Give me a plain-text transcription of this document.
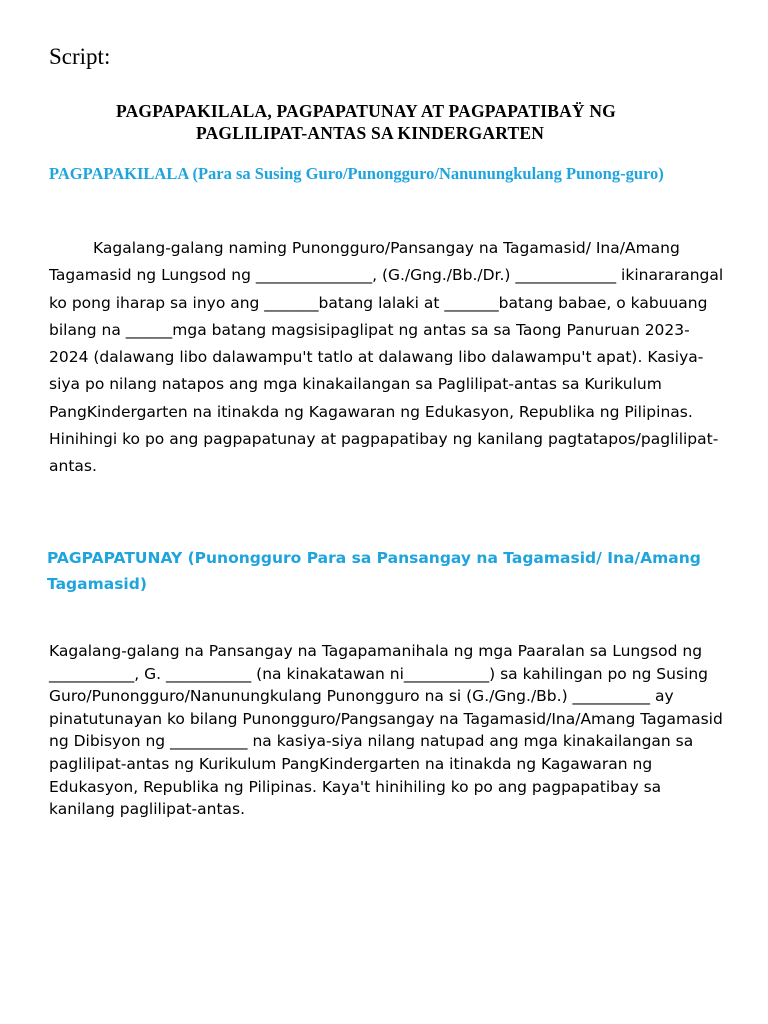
Script:

PAGPAPAKILALA, PAGPAPATUNAY AT PAGPAPATIBAŸ NG
PAGLILIPAT-ANTAS SA KINDERGARTEN
PAGPAPAKILALA (Para sa Susing Guro/Punongguro/Nanunungkulang Punong-guro)

Kagalang-galang naming Punongguro/Pansangay na Tagamasid/ Ina/Amang Tagamasid ng Lungsod ng _______________, (G./Gng./Bb./Dr.) _____________ ikinararangal ko pong iharap sa inyo ang _______batang lalaki at _______batang babae, o kabuuang bilang na ______mga batang magsisipaglipat ng antas sa sa Taong Panuruan 2023-2024 (dalawang libo dalawampu't tatlo at dalawang libo dalawampu't apat). Kasiya-siya po nilang natapos ang mga kinakailangan sa Paglilipat-antas sa Kurikulum PangKindergarten na itinakda ng Kagawaran ng Edukasyon, Republika ng Pilipinas. Hinihingi ko po ang pagpapatunay at pagpapatibay ng kanilang pagtatapos/paglilipat-antas.

PAGPAPATUNAY (Punongguro Para sa Pansangay na Tagamasid/ Ina/Amang Tagamasid)

Kagalang-galang na Pansangay na Tagapamanihala ng mga Paaralan sa Lungsod ng ___________, G. ___________ (na kinakatawan ni___________) sa kahilingan po ng Susing Guro/Punongguro/Nanunungkulang Punongguro na si (G./Gng./Bb.) __________ ay pinatutunayan ko bilang Punongguro/Pangsangay na Tagamasid/Ina/Amang Tagamasid ng Dibisyon ng __________ na kasiya-siya nilang natupad ang mga kinakailangan sa paglilipat-antas ng Kurikulum PangKindergarten na itinakda ng Kagawaran ng Edukasyon, Republika ng Pilipinas. Kaya't hinihiling ko po ang pagpapatibay sa kanilang paglilipat-antas.
